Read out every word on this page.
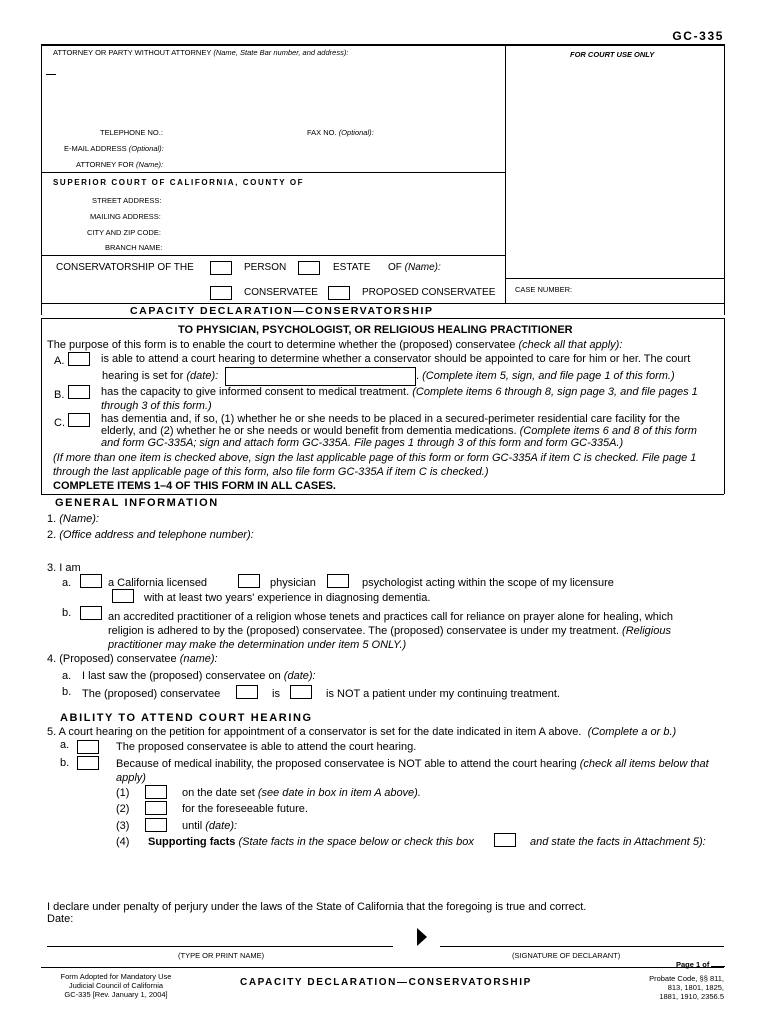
GC-335
ATTORNEY OR PARTY WITHOUT ATTORNEY (Name, State Bar number, and address):	FOR COURT USE ONLY
TELEPHONE NO.:	FAX NO. (Optional):
E-MAIL ADDRESS (Optional):
ATTORNEY FOR (Name):
SUPERIOR COURT OF CALIFORNIA, COUNTY OF
STREET ADDRESS:
MAILING ADDRESS:
CITY AND ZIP CODE:
BRANCH NAME:
CONSERVATORSHIP OF THE	PERSON	ESTATE OF (Name):
CONSERVATEE	PROPOSED CONSERVATEE	CASE NUMBER:
CAPACITY DECLARATION—CONSERVATORSHIP
TO PHYSICIAN, PSYCHOLOGIST, OR RELIGIOUS HEALING PRACTITIONER
The purpose of this form is to enable the court to determine whether the (proposed) conservatee (check all that apply):
A.	is able to attend a court hearing to determine whether a conservator should be appointed to care for him or her. The court
hearing is set for (date):	. (Complete item 5, sign, and file page 1 of this form.)
B.	has the capacity to give informed consent to medical treatment. (Complete items 6 through 8, sign page 3, and file pages 1
through 3 of this form.)
C.	has dementia and, if so, (1) whether he or she needs to be placed in a secured-perimeter residential care facility for the
elderly, and (2) whether he or she needs or would benefit from dementia medications. (Complete items 6 and 8 of this form
and form GC-335A; sign and attach form GC-335A. File pages 1 through 3 of this form and form GC-335A.)
(If more than one item is checked above, sign the last applicable page of this form or form GC-335A if item C is checked. File page 1
through the last applicable page of this form, also file form GC-335A if item C is checked.)
COMPLETE ITEMS 1–4 OF THIS FORM IN ALL CASES.
GENERAL INFORMATION
1. (Name):
2. (Office address and telephone number):
3. I am
a.	a California licensed	physician	psychologist acting within the scope of my licensure
with at least two years' experience in diagnosing dementia.
b.	an accredited practitioner of a religion whose tenets and practices call for reliance on prayer alone for healing, which
religion is adhered to by the (proposed) conservatee. The (proposed) conservatee is under my treatment. (Religious
practitioner may make the determination under item 5 ONLY.)
4. (Proposed) conservatee (name):
a. I last saw the (proposed) conservatee on (date):
b. The (proposed) conservatee	is	is NOT a patient under my continuing treatment.
ABILITY TO ATTEND COURT HEARING
5. A court hearing on the petition for appointment of a conservator is set for the date indicated in item A above. (Complete a or b.)
a.	The proposed conservatee is able to attend the court hearing.
b.	Because of medical inability, the proposed conservatee is NOT able to attend the court hearing (check all items below that
apply)
(1)	on the date set (see date in box in item A above).
(2)	for the foreseeable future.
(3)	until (date):
(4) Supporting facts (State facts in the space below or check this box	and state the facts in Attachment 5):
I declare under penalty of perjury under the laws of the State of California that the foregoing is true and correct.
Date:
(TYPE OR PRINT NAME)	(SIGNATURE OF DECLARANT)
Page 1 of
Form Adopted for Mandatory Use
Judicial Council of California
GC-335 [Rev. January 1, 2004]
CAPACITY DECLARATION—CONSERVATORSHIP	Probate Code, §§ 811,
813, 1801, 1825,
1881, 1910, 2356.5
